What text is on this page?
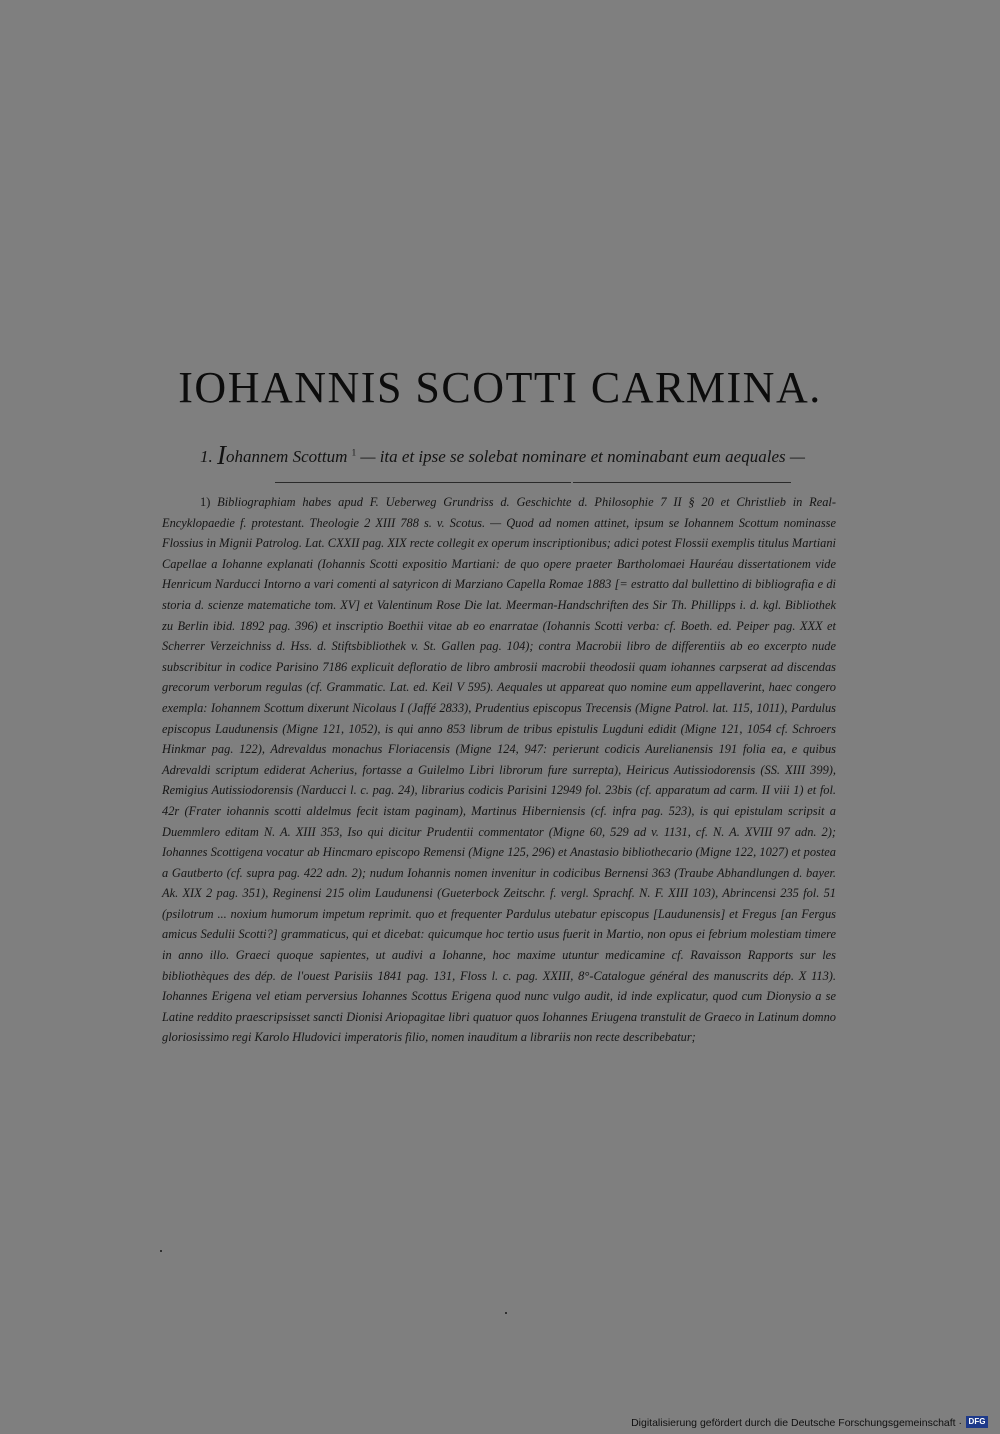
IOHANNIS SCOTTI CARMINA.
1. Iohannem Scottum $^1$ — ita et ipse se solebat nominare et nominabant eum aequales —
1) Bibliographiam habes apud F. Ueberweg Grundriss d. Geschichte d. Philosophie 7 II § 20 et Christlieb in Real-Encyklopaedie f. protestant. Theologie 2 XIII 788 s. v. Scotus. — Quod ad nomen attinet, ipsum se Iohannem Scottum nominasse Flossius in Mignii Patrolog. Lat. CXXII pag. XIX recte collegit ex operum inscriptionibus; adici potest Flossii exemplis titulus Martiani Capellae a Iohanne explanati (Iohannis Scotti expositio Martiani: de quo opere praeter Bartholomaei Hauréau dissertationem vide Henricum Narducci Intorno a vari comenti al satyricon di Marziano Capella Romae 1883 [= estratto dal bullettino di bibliografia e di storia d. scienze matematiche tom. XV] et Valentinum Rose Die lat. Meerman-Handschriften des Sir Th. Phillipps i. d. kgl. Bibliothek zu Berlin ibid. 1892 pag. 396) et inscriptio Boethii vitae ab eo enarratae (Iohannis Scotti verba: cf. Boeth. ed. Peiper pag. XXX et Scherrer Verzeichniss d. Hss. d. Stiftsbibliothek v. St. Gallen pag. 104); contra Macrobii libro de differentiis ab eo excerpto nude subscribitur in codice Parisino 7186 explicuit defloratio de libro ambrosii macrobii theodosii quam iohannes carpserat ad discendas grecorum verborum regulas (cf. Grammatic. Lat. ed. Keil V 595). Aequales ut appareat quo nomine eum appellaverint, haec congero exempla: Iohannem Scottum dixerunt Nicolaus I (Jaffé 2833), Prudentius episcopus Trecensis (Migne Patrol. lat. 115, 1011), Pardulus episcopus Laudunensis (Migne 121, 1052), is qui anno 853 librum de tribus epistulis Lugduni edidit (Migne 121, 1054 cf. Schroers Hinkmar pag. 122), Adrevaldus monachus Floriacensis (Migne 124, 947: perierunt codicis Aurelianensis 191 folia ea, e quibus Adrevaldi scriptum ediderat Acherius, fortasse a Guilelmo Libri librorum fure surrepta), Heiricus Autissiodorensis (SS. XIII 399), Remigius Autissiodorensis (Narducci l. c. pag. 24), librarius codicis Parisini 12949 fol. 23bis (cf. apparatum ad carm. II viii 1) et fol. 42r (Frater iohannis scotti aldelmus fecit istam paginam), Martinus Hiberniensis (cf. infra pag. 523), is qui epistulam scripsit a Duemmlero editam N. A. XIII 353, Iso qui dicitur Prudentii commentator (Migne 60, 529 ad v. 1131, cf. N. A. XVIII 97 adn. 2); Iohannes Scottigena vocatur ab Hincmaro episcopo Remensi (Migne 125, 296) et Anastasio bibliothecario (Migne 122, 1027) et postea a Gautberto (cf. supra pag. 422 adn. 2); nudum Iohannis nomen invenitur in codicibus Bernensi 363 (Traube Abhandlungen d. bayer. Ak. XIX 2 pag. 351), Reginensi 215 olim Laudunensi (Gueterbock Zeitschr. f. vergl. Sprachf. N. F. XIII 103), Abrincensi 235 fol. 51 (psilotrum ... noxium humorum impetum reprimit. quo et frequenter Pardulus utebatur episcopus [Laudunensis] et Fregus [an Fergus amicus Sedulii Scotti?] grammaticus, qui et dicebat: quicumque hoc tertio usus fuerit in Martio, non opus ei febrium molestiam timere in anno illo. Graeci quoque sapientes, ut audivi a Iohanne, hoc maxime utuntur medicamine cf. Ravaisson Rapports sur les bibliothèques des dép. de l'ouest Parisiis 1841 pag. 131, Floss l. c. pag. XXIII, 8°-Catalogue général des manuscrits dép. X 113). Iohannes Erigena vel etiam perversius Iohannes Scottus Erigena quod nunc vulgo audit, id inde explicatur, quod cum Dionysio a se Latine reddito praescripsisset sancti Dionisi Ariopagitae libri quatuor quos Iohannes Eriugena transtulit de Graeco in Latinum domno gloriosissimo regi Karolo Hludovici imperatoris filio, nomen inauditum a librariis non recte describebatur;
Digitalisierung gefördert durch die Deutsche Forschungsgemeinschaft · DFG
